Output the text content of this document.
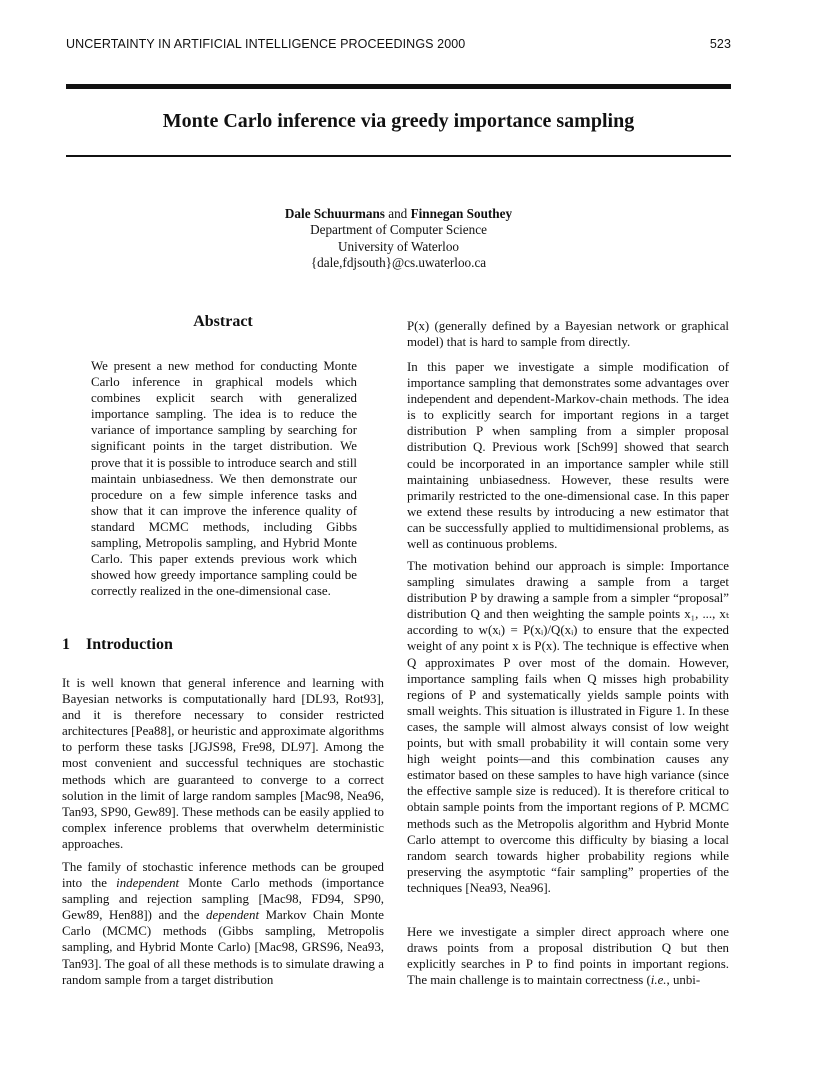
UNCERTAINTY IN ARTIFICIAL INTELLIGENCE PROCEEDINGS 2000	523
Monte Carlo inference via greedy importance sampling
Dale Schuurmans and Finnegan Southey
Department of Computer Science
University of Waterloo
{dale,fdjsouth}@cs.uwaterloo.ca
Abstract
We present a new method for conducting Monte Carlo inference in graphical models which combines explicit search with generalized importance sampling. The idea is to reduce the variance of importance sampling by searching for significant points in the target distribution. We prove that it is possible to introduce search and still maintain unbiasedness. We then demonstrate our procedure on a few simple inference tasks and show that it can improve the inference quality of standard MCMC methods, including Gibbs sampling, Metropolis sampling, and Hybrid Monte Carlo. This paper extends previous work which showed how greedy importance sampling could be correctly realized in the one-dimensional case.
1 Introduction

It is well known that general inference and learning with Bayesian networks is computationally hard [DL93, Rot93], and it is therefore necessary to consider restricted architectures [Pea88], or heuristic and approximate algorithms to perform these tasks [JGJS98, Fre98, DL97]. Among the most convenient and successful techniques are stochastic methods which are guaranteed to converge to a correct solution in the limit of large random samples [Mac98, Nea96, Tan93, SP90, Gew89]. These methods can be easily applied to complex inference problems that overwhelm deterministic approaches.

The family of stochastic inference methods can be grouped into the independent Monte Carlo methods (importance sampling and rejection sampling [Mac98, FD94, SP90, Gew89, Hen88]) and the dependent Markov Chain Monte Carlo (MCMC) methods (Gibbs sampling, Metropolis sampling, and Hybrid Monte Carlo) [Mac98, GRS96, Nea93, Tan93]. The goal of all these methods is to simulate drawing a random sample from a target distribution

P(x) (generally defined by a Bayesian network or graphical model) that is hard to sample from directly.

In this paper we investigate a simple modification of importance sampling that demonstrates some advantages over independent and dependent-Markov-chain methods. The idea is to explicitly search for important regions in a target distribution P when sampling from a simpler proposal distribution Q. Previous work [Sch99] showed that search could be incorporated in an importance sampler while still maintaining unbiasedness. However, these results were primarily restricted to the one-dimensional case. In this paper we extend these results by introducing a new estimator that can be successfully applied to multidimensional problems, as well as continuous problems.

The motivation behind our approach is simple: Importance sampling simulates drawing a sample from a target distribution P by drawing a sample from a simpler “proposal” distribution Q and then weighting the sample points x₁, ..., xₜ according to w(xᵢ) = P(xᵢ)/Q(xᵢ) to ensure that the expected weight of any point x is P(x). The technique is effective when Q approximates P over most of the domain. However, importance sampling fails when Q misses high probability regions of P and systematically yields sample points with small weights. This situation is illustrated in Figure 1. In these cases, the sample will almost always consist of low weight points, but with small probability it will contain some very high weight points—and this combination causes any estimator based on these samples to have high variance (since the effective sample size is reduced). It is therefore critical to obtain sample points from the important regions of P. MCMC methods such as the Metropolis algorithm and Hybrid Monte Carlo attempt to overcome this difficulty by biasing a local random search towards higher probability regions while preserving the asymptotic “fair sampling” properties of the techniques [Nea93, Nea96].

Here we investigate a simpler direct approach where one draws points from a proposal distribution Q but then explicitly searches in P to find points in important regions. The main challenge is to maintain correctness (i.e., unbi-
